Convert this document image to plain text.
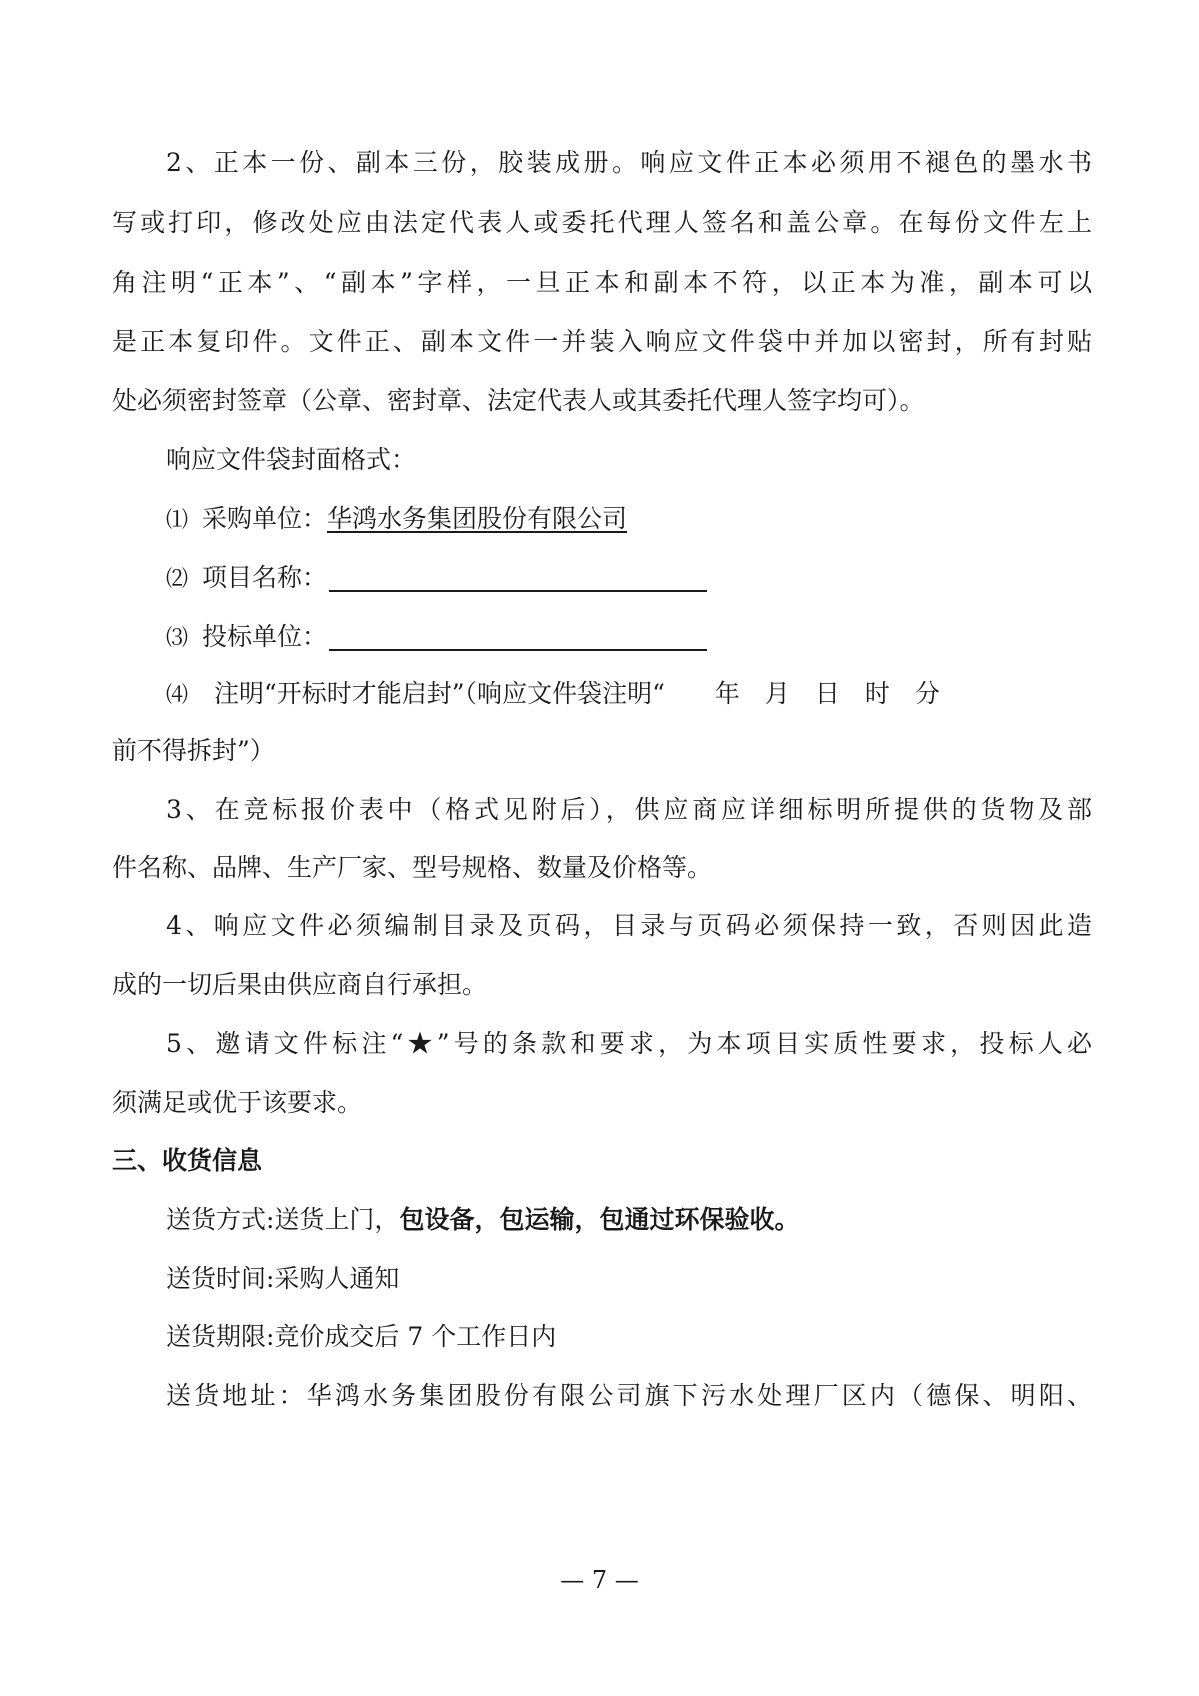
2、正本一份、副本三份，胶装成册。响应文件正本必须用不褪色的墨水书
写或打印，修改处应由法定代表人或委托代理人签名和盖公章。在每份文件左上
角注明“正本”、“副本”字样，一旦正本和副本不符，以正本为准，副本可以
是正本复印件。文件正、副本文件一并装入响应文件袋中并加以密封，所有封贴
处必须密封签章（公章、密封章、法定代表人或其委托代理人签字均可）。
响应文件袋封面格式：
⑴ 采购单位：华鸿水务集团股份有限公司
⑵ 项目名称：
⑶ 投标单位：
⑷ 注明“开标时才能启封”（响应文件袋注明“　　年　月　日　时　分
前不得拆封”）
3、在竞标报价表中（格式见附后），供应商应详细标明所提供的货物及部
件名称、品牌、生产厂家、型号规格、数量及价格等。
4、响应文件必须编制目录及页码，目录与页码必须保持一致，否则因此造
成的一切后果由供应商自行承担。
5、邀请文件标注“★”号的条款和要求，为本项目实质性要求，投标人必
须满足或优于该要求。
三、收货信息
送货方式:送货上门，包设备，包运输，包通过环保验收。
送货时间:采购人通知
送货期限:竞价成交后 7 个工作日内
送货地址：华鸿水务集团股份有限公司旗下污水处理厂区内（德保、明阳、
— 7 —
